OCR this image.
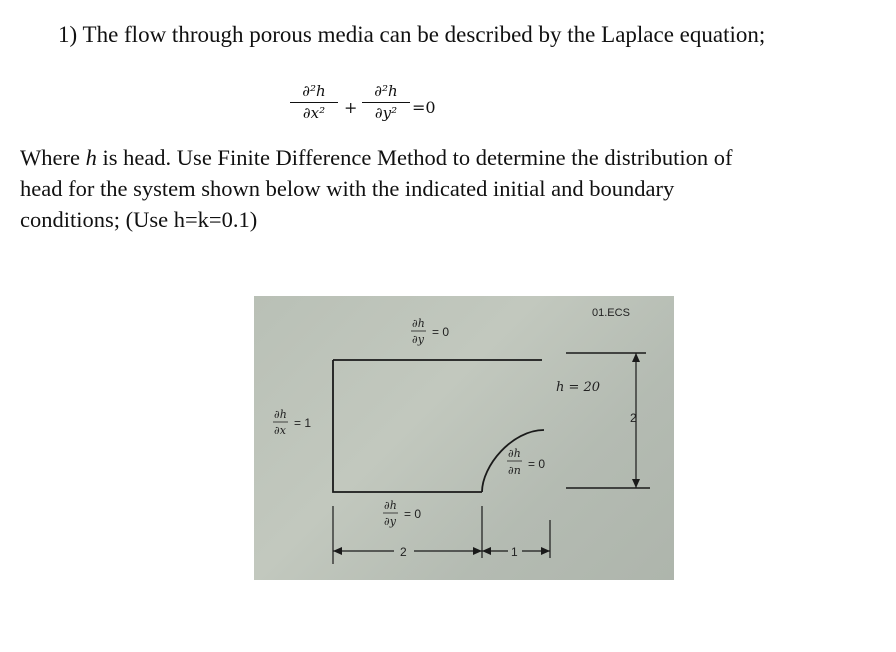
1) The flow through porous media can be described by the Laplace equation;
$\frac{\text{∂²h}}{\text{∂x²}} + \frac{\text{∂²h}}{\text{∂y²}} =0$
Where h is head. Use Finite Difference Method to determine the distribution of
head for the system shown below with the indicated initial and boundary
conditions; (Use h=k=0.1)
01.ECS
∂h
∂y
= 0
∂h
∂x
= 1
h = 20
∂h
∂n = 0
∂h
∂y
= 0
2
2	1
